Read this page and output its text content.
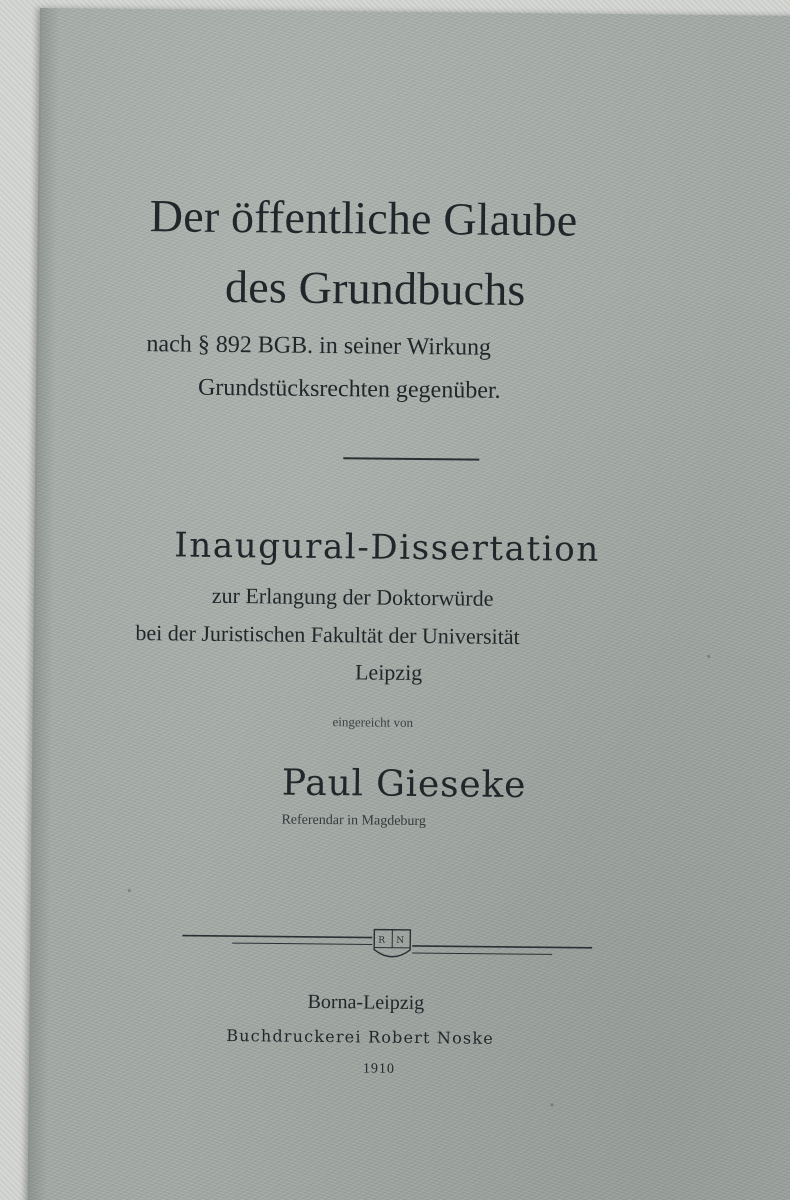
Der öffentliche Glaube
des Grundbuchs
nach § 892 BGB. in seiner Wirkung
Grundstücksrechten gegenüber.
Inaugural-Dissertation
zur Erlangung der Doktorwürde
bei der Juristischen Fakultät der Universität
Leipzig
eingereicht von
Paul Gieseke
Referendar in Magdeburg
R N
Borna-Leipzig
Buchdruckerei Robert Noske
1910
